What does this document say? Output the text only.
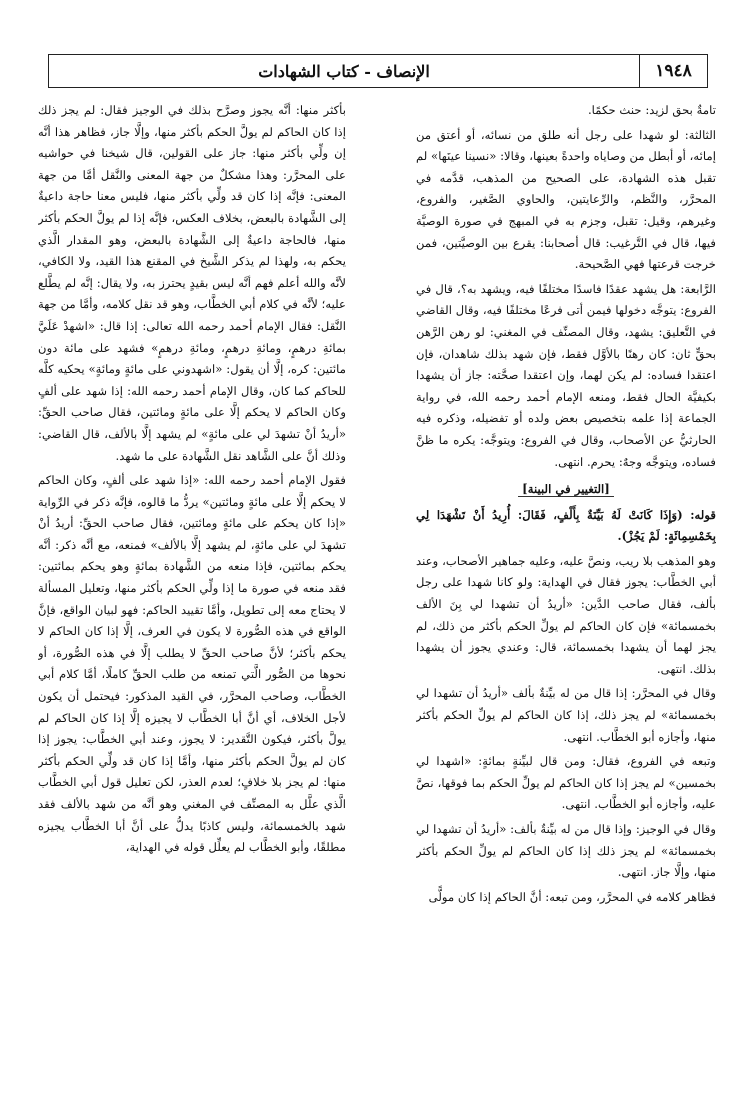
١٩٤٨
الإنصاف - كتاب الشهادات

تامةٌ بحق لزيد: حنث حكمًا.

الثالثة: لو شهدا على رجل أنه طلق من نسائه، أو أعتق من إمائه، أو أبطل من وصاياه واحدةً بعينها، وقالا: «نسينا عينَها» لم تقبل هذه الشهادة، على الصحيح من المذهب، قدَّمه في المحرَّر، والنَّظم، والرِّعايتين، والحاوي الصَّغير، والفروع، وغيرهم، وقيل: تقبل، وجزم به في المبهج في صورة الوصيَّة فيها، قال في التَّرغيب: قال أصحابنا: يقرع بين الوصيَّتين، فمن خرجت قرعتها فهي الصَّحيحة.

الرَّابعة: هل يشهد عقدًا فاسدًا مختلفًا فيه، ويشهد به؟، قال في الفروع: يتوجَّه دخولها فيمن أتى فرعًا مختلفًا فيه، وقال القاضي في التَّعليق: يشهد، وقال المصنِّف في المغني: لو رهن الرَّهن بحقٍّ ثان: كان رهنًا بالأوَّل فقط، فإن شهد بذلك شاهدان، فإن اعتقدا فساده: لم يكن لهما، وإن اعتقدا صحَّته: جاز أن يشهدا بكيفيَّة الحال فقط، ومنعه الإمام أحمد رحمه الله، في رواية الجماعة إذا علمه بتخصيص بعض ولده أو تفضيله، وذكره فيه الحارثيُّ عن الأصحاب، وقال في الفروع: ويتوجَّه: يكره ما ظنَّ فساده، ويتوجَّه وجهٌ: يحرم. انتهى.

[التغيير في البينة]

قوله: (وَإِذَا كَانَتْ لَهُ بَيِّنَةٌ بِأَلْفٍ، فَقَالَ: أُرِيدُ أَنْ تَشْهَدَا لِي بِخَمْسِمِائَةٍ: لَمْ يَجُزْ).

وهو المذهب بلا ريب، ونصَّ عليه، وعليه جماهير الأصحاب، وعند أبي الخطَّاب: يجوز فقال في الهداية: ولو كانا شهدا على رجل بألف، فقال صاحب الدَّين: «أريدُ أن تشهدا لي بِنَ الألف بخمسمائة» فإن كان الحاكم لم يولِّ الحكم بأكثر من ذلك، لم يجز لهما أن يشهدا بخمسمائة، قال: وعندي يجوز أن يشهدا بذلك. انتهى.

وقال في المحرَّر: إذا قال من له بيِّنةٌ بألف «أريدُ أن تشهدا لي بخمسمائة» لم يجز ذلك، إذا كان الحاكم لم يولِّ الحكم بأكثر منها، وأجازه أبو الخطَّاب. انتهى.

وتبعه في الفروع، فقال: ومن قال لبيِّنةٍ بمائةٍ: «اشهدا لي بخمسين» لم يجز إذا كان الحاكم لم يولِّ الحكم بما فوقها، نصَّ عليه، وأجازه أبو الخطَّاب. انتهى.

وقال في الوجيز: وإذا قال من له بيِّنةٌ بألف: «أريدُ أن تشهدا لي بخمسمائة» لم يجز ذلك إذا كان الحاكم لم يولِّ الحكم بأكثر منها، وإلَّا جاز. انتهى.

فظاهر كلامه في المحرَّر، ومن تبعه: أنَّ الحاكم إذا كان مولًّى

بأكثر منها: أنَّه يجوز وصرَّح بذلك في الوجيز فقال: لم يجز ذلك إذا كان الحاكم لم يولَّ الحكم بأكثر منها، وإلَّا جاز، فظاهر هذا أنَّه إن ولِّي بأكثر منها: جاز على القولين، قال شيخنا في حواشيه على المحرَّر: وهذا مشكلٌ من جهة المعنى والنَّقل أمَّا من جهة المعنى: فإنَّه إذا كان قد ولِّي بأكثر منها، فليس معنا حاجة داعيةٌ إلى الشَّهادة بالبعض، بخلاف العكس، فإنَّه إذا لم يولَّ الحكم بأكثر منها، فالحاجة داعيةٌ إلى الشَّهادة بالبعض، وهو المقدار الَّذي يحكم به، ولهذا لم يذكر الشَّيخ في المقنع هذا القيد، ولا الكافي، لأنَّه والله أعلم فهم أنَّه ليس بقيدٍ يحترز به، ولا يقال: إنَّه لم يطَّلع عليه؛ لأنَّه في كلام أبي الخطَّاب، وهو قد نقل كلامه، وأمَّا من جهة النَّقل: فقال الإمام أحمد رحمه الله تعالى: إذا قال: «اشهدْ عَلَيَّ بمائةِ درهمٍ، ومائةِ درهمٍ، ومائةِ درهمٍ» فشهد على مائة دون مائتين: كره، إلَّا أن يقول: «اشهدوني على مائةٍ ومائةٍ» يحكيه كلَّه للحاكم كما كان، وقال الإمام أحمد رحمه الله: إذا شهد على ألفٍ وكان الحاكم لا يحكم إلَّا على مائةٍ ومائتين، فقال صاحب الحقِّ: «أريدُ أنْ تشهدَ لي على مائةٍ» لم يشهد إلَّا بالألف، قال القاضي: وذلك أنَّ على الشَّاهد نقل الشَّهادة على ما شهد.

فقول الإمام أحمد رحمه الله: «إذا شهد على ألفٍ، وكان الحاكم لا يحكم إلَّا على مائةٍ ومائتين» يردُّ ما قالوه، فإنَّه ذكر في الرِّواية «إذا كان يحكم على مائةٍ ومائتين، فقال صاحب الحقِّ: أريدُ أنْ تشهدَ لي على مائةٍ، لم يشهد إلَّا بالألف» فمنعه، مع أنَّه ذكر: أنَّه يحكم بمائتين، فإذا منعه من الشَّهادة بمائةٍ وهو يحكم بمائتين: فقد منعه في صورة ما إذا ولِّي الحكم بأكثر منها، وتعليل المسألة لا يحتاج معه إلى تطويل، وأمَّا تقييد الحاكم: فهو لبيان الواقع، فإنَّ الواقع في هذه الصُّورة لا يكون في العرف، إلَّا إذا كان الحاكم لا يحكم بأكثر؛ لأنَّ صاحب الحقِّ لا يطلب إلَّا في هذه الصُّورة، أو نحوها من الصُّور الَّتي تمنعه من طلب الحقِّ كاملًا، أمَّا كلام أبي الخطَّاب، وصاحب المحرَّر، في القيد المذكور: فيحتمل أن يكون لأجل الخلاف، أي أنَّ أبا الخطَّاب لا يجيزه إلَّا إذا كان الحاكم لم يولَّ بأكثر، فيكون التَّقدير: لا يجوز، وعند أبي الخطَّاب: يجوز إذا كان لم يولَّ الحكم بأكثر منها، وأمَّا إذا كان قد ولِّي الحكم بأكثر منها: لم يجز بلا خلافٍ؛ لعدم العذر، لكن تعليل قول أبي الخطَّاب الَّذي علَّل به المصنِّف في المغني وهو أنَّه من شهد بالألف فقد شهد بالخمسمائة، وليس كاذبًا يدلُّ على أنَّ أبا الخطَّاب يجيزه مطلقًا، وأبو الخطَّاب لم يعلِّل قوله في الهداية،
